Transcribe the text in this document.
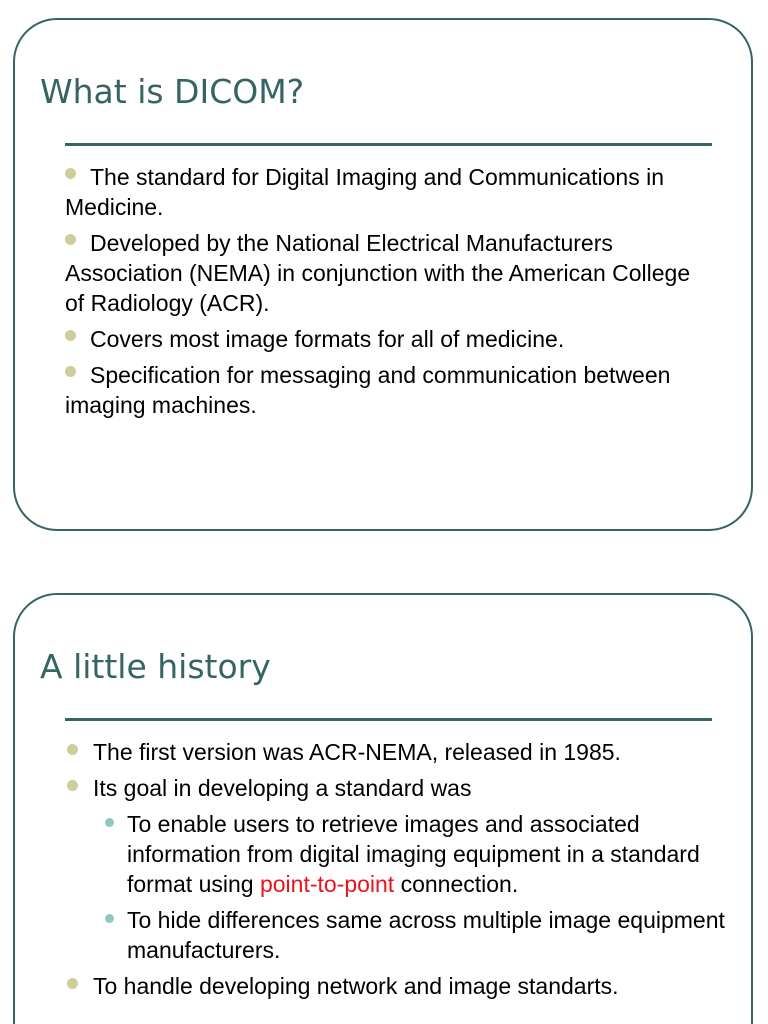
What is DICOM?
The standard for Digital Imaging and Communications in Medicine.
Developed by the National Electrical Manufacturers Association (NEMA) in conjunction with the American College of Radiology (ACR).
Covers most image formats for all of medicine.
Specification for messaging and communication between imaging machines.
A little history
The first version was ACR-NEMA, released in 1985.
Its goal in developing a standard was
To enable users to retrieve images and associated information from digital imaging equipment in a standard format using point-to-point connection.
To hide differences same across multiple image equipment manufacturers.
To handle developing network and image standarts.
